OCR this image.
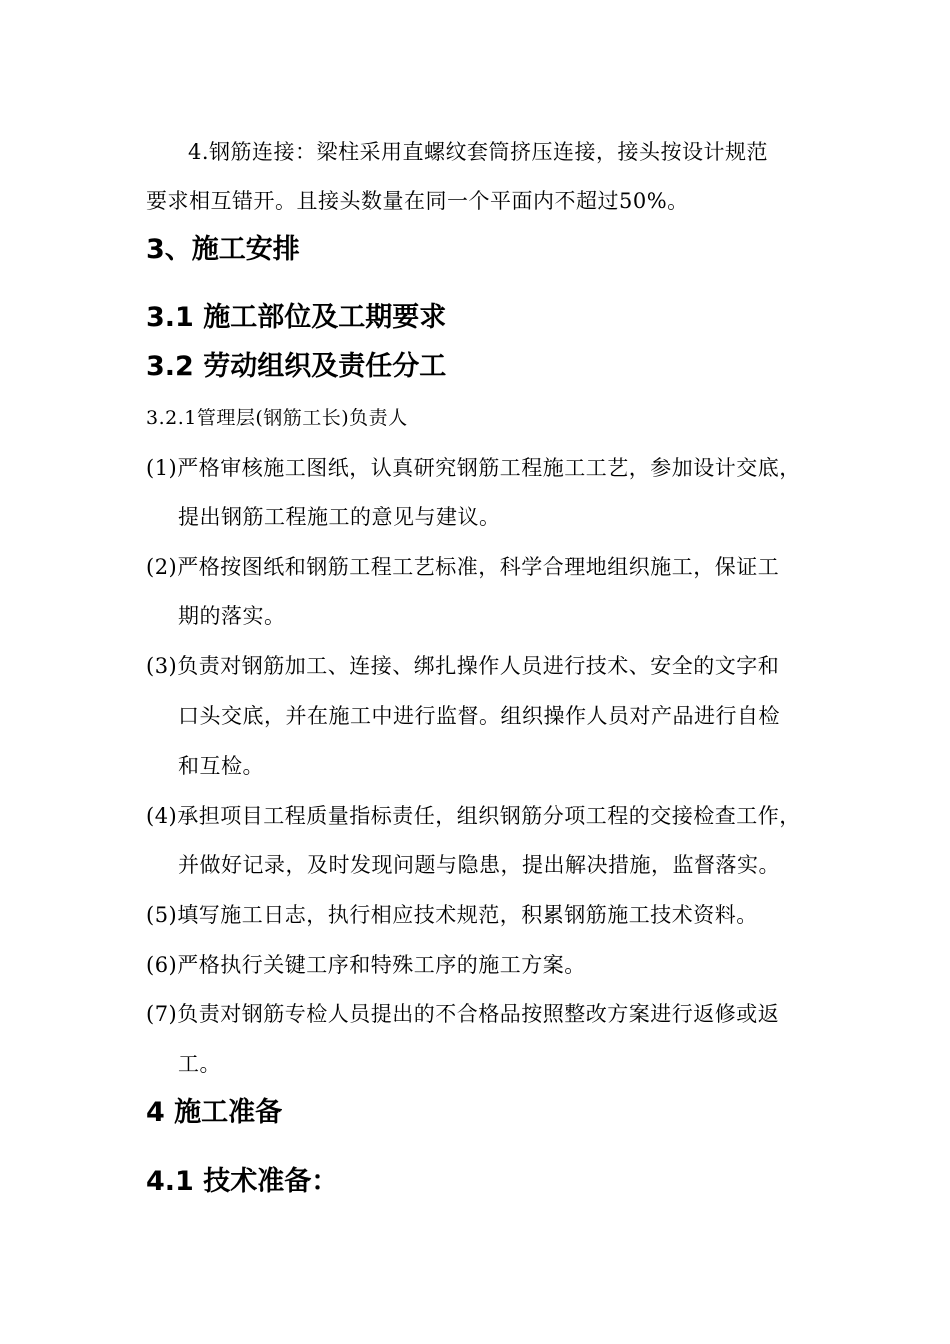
4.钢筋连接：梁柱采用直螺纹套筒挤压连接，接头按设计规范
要求相互错开。且接头数量在同一个平面内不超过50%。
3、施工安排
3.1 施工部位及工期要求
3.2 劳动组织及责任分工
3.2.1管理层(钢筋工长)负责人
(1)严格审核施工图纸，认真研究钢筋工程施工工艺，参加设计交底，
提出钢筋工程施工的意见与建议。
(2)严格按图纸和钢筋工程工艺标准，科学合理地组织施工，保证工
期的落实。
(3)负责对钢筋加工、连接、绑扎操作人员进行技术、安全的文字和
口头交底，并在施工中进行监督。组织操作人员对产品进行自检
和互检。
(4)承担项目工程质量指标责任，组织钢筋分项工程的交接检查工作，
并做好记录，及时发现问题与隐患，提出解决措施，监督落实。
(5)填写施工日志，执行相应技术规范，积累钢筋施工技术资料。
(6)严格执行关键工序和特殊工序的施工方案。
(7)负责对钢筋专检人员提出的不合格品按照整改方案进行返修或返
工。
4 施工准备
4.1 技术准备：
